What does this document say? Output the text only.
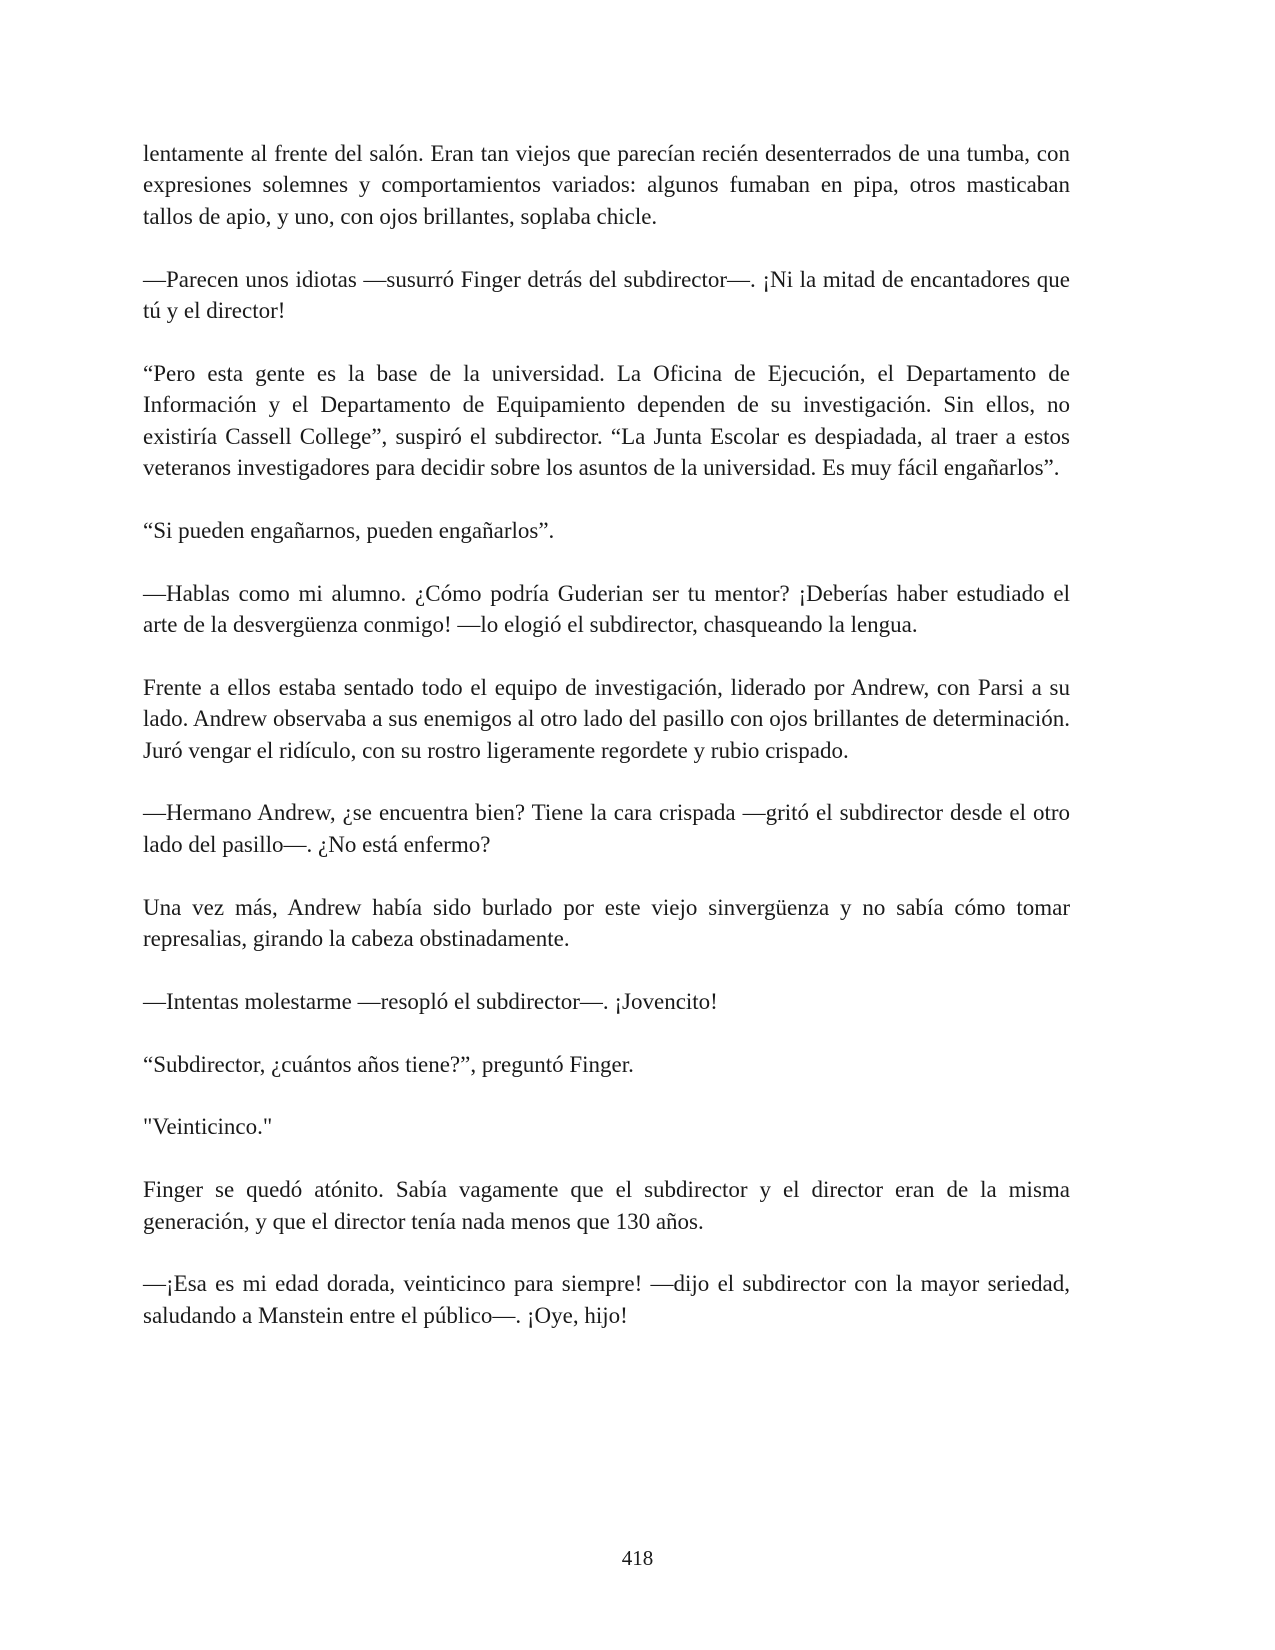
lentamente al frente del salón. Eran tan viejos que parecían recién desenterrados de una tumba, con expresiones solemnes y comportamientos variados: algunos fumaban en pipa, otros masticaban tallos de apio, y uno, con ojos brillantes, soplaba chicle.

—Parecen unos idiotas —susurró Finger detrás del subdirector—. ¡Ni la mitad de encantadores que tú y el director!

“Pero esta gente es la base de la universidad. La Oficina de Ejecución, el Departamento de Información y el Departamento de Equipamiento dependen de su investigación. Sin ellos, no existiría Cassell College”, suspiró el subdirector. “La Junta Escolar es despiadada, al traer a estos veteranos investigadores para decidir sobre los asuntos de la universidad. Es muy fácil engañarlos”.

“Si pueden engañarnos, pueden engañarlos”.

—Hablas como mi alumno. ¿Cómo podría Guderian ser tu mentor? ¡Deberías haber estudiado el arte de la desvergüenza conmigo! —lo elogió el subdirector, chasqueando la lengua.

Frente a ellos estaba sentado todo el equipo de investigación, liderado por Andrew, con Parsi a su lado. Andrew observaba a sus enemigos al otro lado del pasillo con ojos brillantes de determinación. Juró vengar el ridículo, con su rostro ligeramente regordete y rubio crispado.

—Hermano Andrew, ¿se encuentra bien? Tiene la cara crispada —gritó el subdirector desde el otro lado del pasillo—. ¿No está enfermo?

Una vez más, Andrew había sido burlado por este viejo sinvergüenza y no sabía cómo tomar represalias, girando la cabeza obstinadamente.

—Intentas molestarme —resopló el subdirector—. ¡Jovencito!

“Subdirector, ¿cuántos años tiene?”, preguntó Finger.

"Veinticinco."

Finger se quedó atónito. Sabía vagamente que el subdirector y el director eran de la misma generación, y que el director tenía nada menos que 130 años.

—¡Esa es mi edad dorada, veinticinco para siempre! —dijo el subdirector con la mayor seriedad, saludando a Manstein entre el público—. ¡Oye, hijo!

418
